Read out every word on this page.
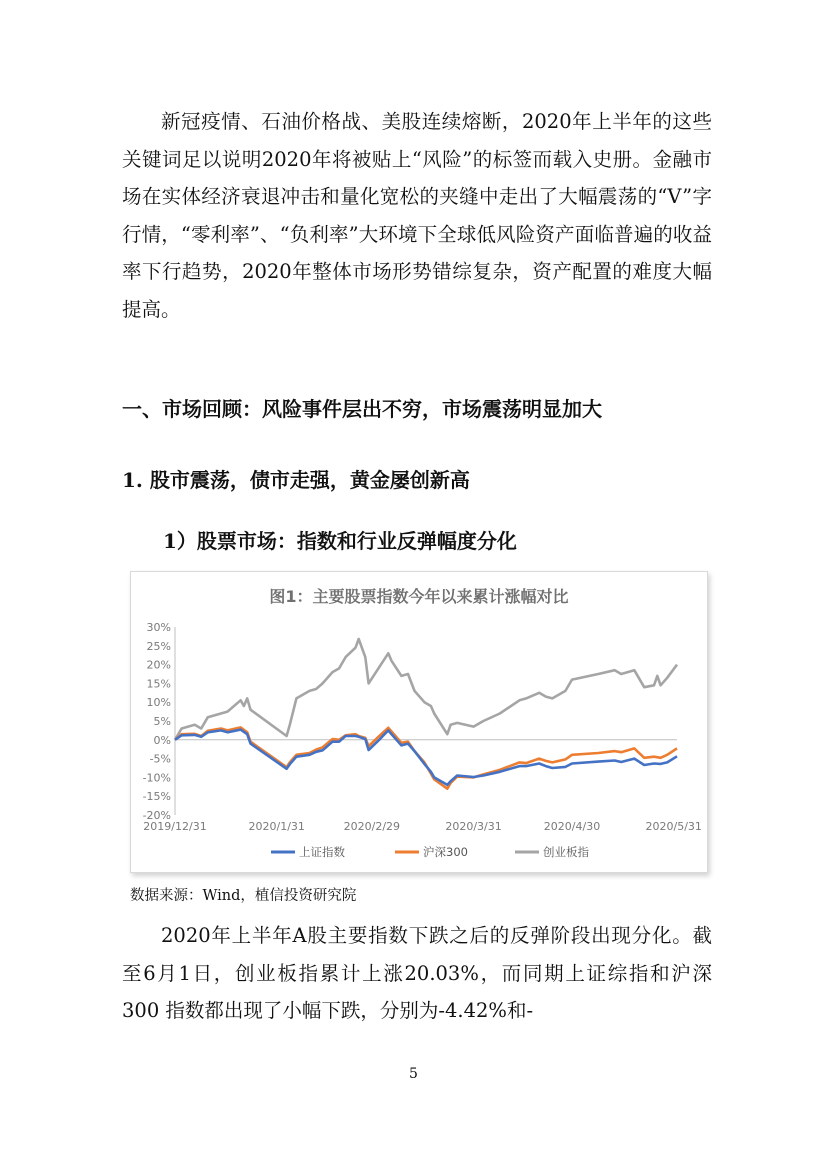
新冠疫情、石油价格战、美股连续熔断，2020年上半年的这些关键词足以说明2020年将被贴上“风险”的标签而载入史册。金融市场在实体经济衰退冲击和量化宽松的夹缝中走出了大幅震荡的“V”字行情，“零利率”、“负利率”大环境下全球低风险资产面临普遍的收益率下行趋势，2020年整体市场形势错综复杂，资产配置的难度大幅提高。

一、市场回顾：风险事件层出不穷，市场震荡明显加大
1. 股市震荡，债市走强，黄金屡创新高
1）股票市场：指数和行业反弹幅度分化
图1：主要股票指数今年以来累计涨幅对比
30%
25%
20%
15%
10%
5%
0%
-5%
-10%
-15%
-20%
2019/12/31	2020/1/31	2020/2/29	2020/3/31	2020/4/30	2020/5/31
上证指数	沪深300	创业板指

数据来源：Wind，植信投资研究院

2020年上半年A股主要指数下跌之后的反弹阶段出现分化。截至6月1日，创业板指累计上涨20.03%，而同期上证综指和沪深 300 指数都出现了小幅下跌，分别为-4.42%和-

5
